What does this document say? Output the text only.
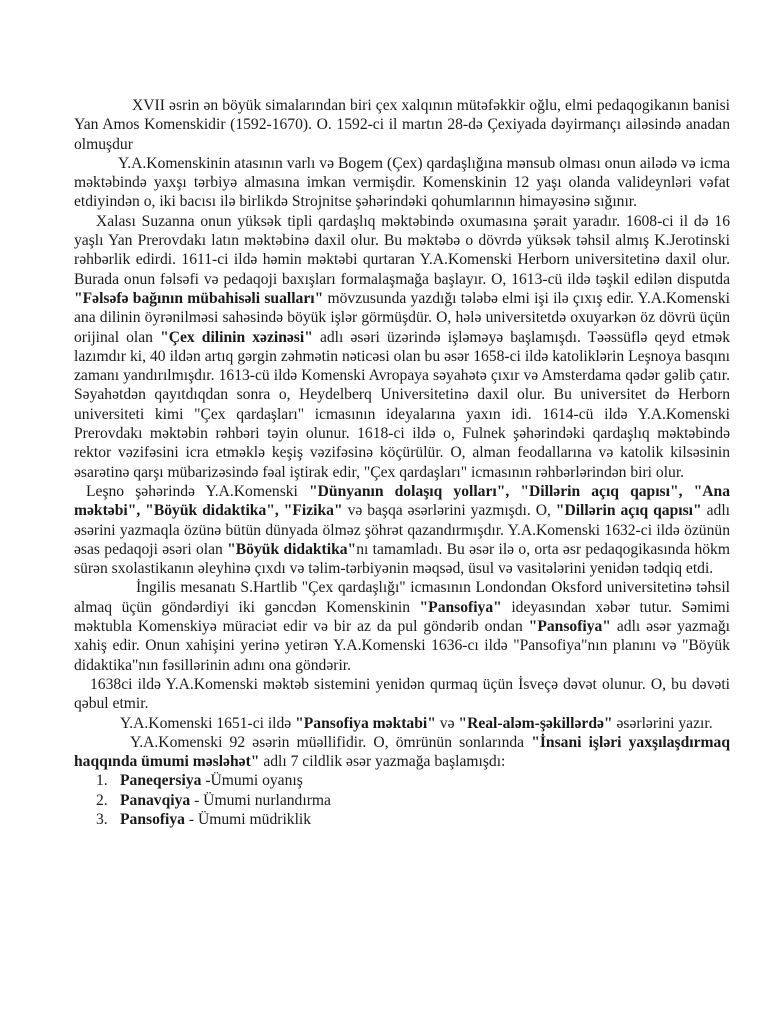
XVII əsrin ən böyük simalarından biri çex xalqının mütəfəkkir oğlu, elmi pedaqogikanın banisi Yan Amos Komenskidir (1592-1670). O. 1592-ci il martın 28-də Çexiyada dəyirmançı ailəsində anadan olmuşdur

Y.A.Komenskinin atasının varlı və Bogem (Çex) qardaşlığına mənsub olması onun ailədə və icma məktəbində yaxşı tərbiyə almasına imkan vermişdir. Komenskinin 12 yaşı olanda valideynləri vəfat etdiyindən o, iki bacısı ilə birlikdə Strojnitse şəhərindəki qohumlarının himayəsinə sığınır.

Xalası Suzanna onun yüksək tipli qardaşlıq məktəbində oxumasına şərait yaradır. 1608-ci il də 16 yaşlı Yan Prerovdakı latın məktəbinə daxil olur. Bu məktəbə o dövrdə yüksək təhsil almış K.Jerotinski rəhbərlik edirdi. 1611-ci ildə həmin məktəbi qurtaran Y.A.Komenski Herborn universitetinə daxil olur. Burada onun fəlsəfi və pedaqoji baxışları formalaşmağa başlayır. O, 1613-cü ildə təşkil edilən disputda "Fəlsəfə bağının mübahisəli sualları" mövzusunda yazdığı tələbə elmi işi ilə çıxış edir. Y.A.Komenski ana dilinin öyrənilməsi sahəsində böyük işlər görmüşdür. O, hələ universitetdə oxuyarkən öz dövrü üçün orijinal olan "Çex dilinin xəzinəsi" adlı əsəri üzərində işləməyə başlamışdı. Təəssüflə qeyd etmək lazımdır ki, 40 ildən artıq gərgin zəhmətin nəticəsi olan bu əsər 1658-ci ildə katoliklərin Leşnoya basqını zamanı yandırılmışdır. 1613-cü ildə Komenski Avropaya səyahətə çıxır və Amsterdama qədər gəlib çatır. Səyahətdən qayıtdıqdan sonra o, Heydelberq Universitetinə daxil olur. Bu universitet də Herborn universiteti kimi "Çex qardaşları" icmasının ideyalarına yaxın idi. 1614-cü ildə Y.A.Komenski Prerovdakı məktəbin rəhbəri təyin olunur. 1618-ci ildə o, Fulnek şəhərindəki qardaşlıq məktəbində rektor vəzifəsini icra etməklə keşiş vəzifəsinə köçürülür. O, alman feodallarına və katolik kilsəsinin əsarətinə qarşı mübarizəsində fəal iştirak edir, "Çex qardaşları" icmasının rəhbərlərindən biri olur.

Leşno şəhərində Y.A.Komenski "Dünyanın dolaşıq yolları", "Dillərin açıq qapısı", "Ana məktəbi", "Böyük didaktika", "Fizika" və başqa əsərlərini yazmışdı. O, "Dillərin açıq qapısı" adlı əsərini yazmaqla özünə bütün dünyada ölməz şöhrət qazandırmışdır. Y.A.Komenski 1632-ci ildə özünün əsas pedaqoji əsəri olan "Böyük didaktika"nı tamamladı. Bu əsər ilə o, orta əsr pedaqogikasında hökm sürən sxolastikanın əleyhinə çıxdı və təlim-tərbiyənin məqsəd, üsul və vasitələrini yenidən tədqiq etdi.

İngilis mesanatı S.Hartlib "Çex qardaşlığı" icmasının Londondan Oksford universitetinə təhsil almaq üçün göndərdiyi iki gəncdən Komenskinin "Pansofiya" ideyasından xəbər tutur. Səmimi məktubla Komenskiyə müraciət edir və bir az da pul göndərib ondan "Pansofiya" adlı əsər yazmağı xahiş edir. Onun xahişini yerinə yetirən Y.A.Komenski 1636-cı ildə "Pansofiya"nın planını və "Böyük didaktika"nın fəsillərinin adını ona göndərir.

1638ci ildə Y.A.Komenski məktəb sistemini yenidən qurmaq üçün İsveçə dəvət olunur. O, bu dəvəti qəbul etmir.

Y.A.Komenski 1651-ci ildə "Pansofiya məktabi" və "Real-aləm-şəkillərdə" əsərlərini yazır.

Y.A.Komenski 92 əsərin müəllifidir. O, ömrünün sonlarında "İnsani işləri yaxşılaşdırmaq haqqında ümumi məsləhət" adlı 7 cildlik əsər yazmağa başlamışdı:

1. Paneqersiya -Ümumi oyanış
2. Panavqiya - Ümumi nurlandırma
3. Pansofiya - Ümumi müdriklik
